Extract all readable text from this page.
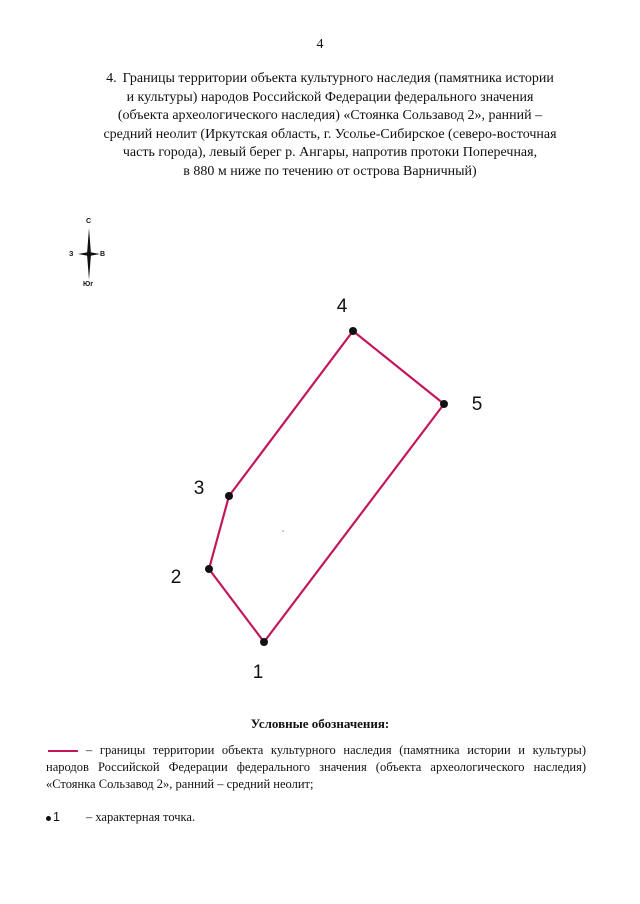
4
4. Границы территории объекта культурного наследия (памятника истории
и культуры) народов Российской Федерации федерального значения
(объекта археологического наследия) «Стоянка Сользавод 2», ранний –
средний неолит (Иркутская область, г. Усолье-Сибирское (северо-восточная
часть города), левый берег р. Ангары, напротив протоки Поперечная,
в 880 м ниже по течению от острова Варничный)
С
З	В
Юг
1
2
3
4
5
Условные обозначения:
– границы территории объекта культурного наследия (памятника истории и культуры)
народов Российской Федерации федерального значения (объекта археологического наследия)
«Стоянка Сользавод 2», ранний – средний неолит;
1 – характерная точка.
